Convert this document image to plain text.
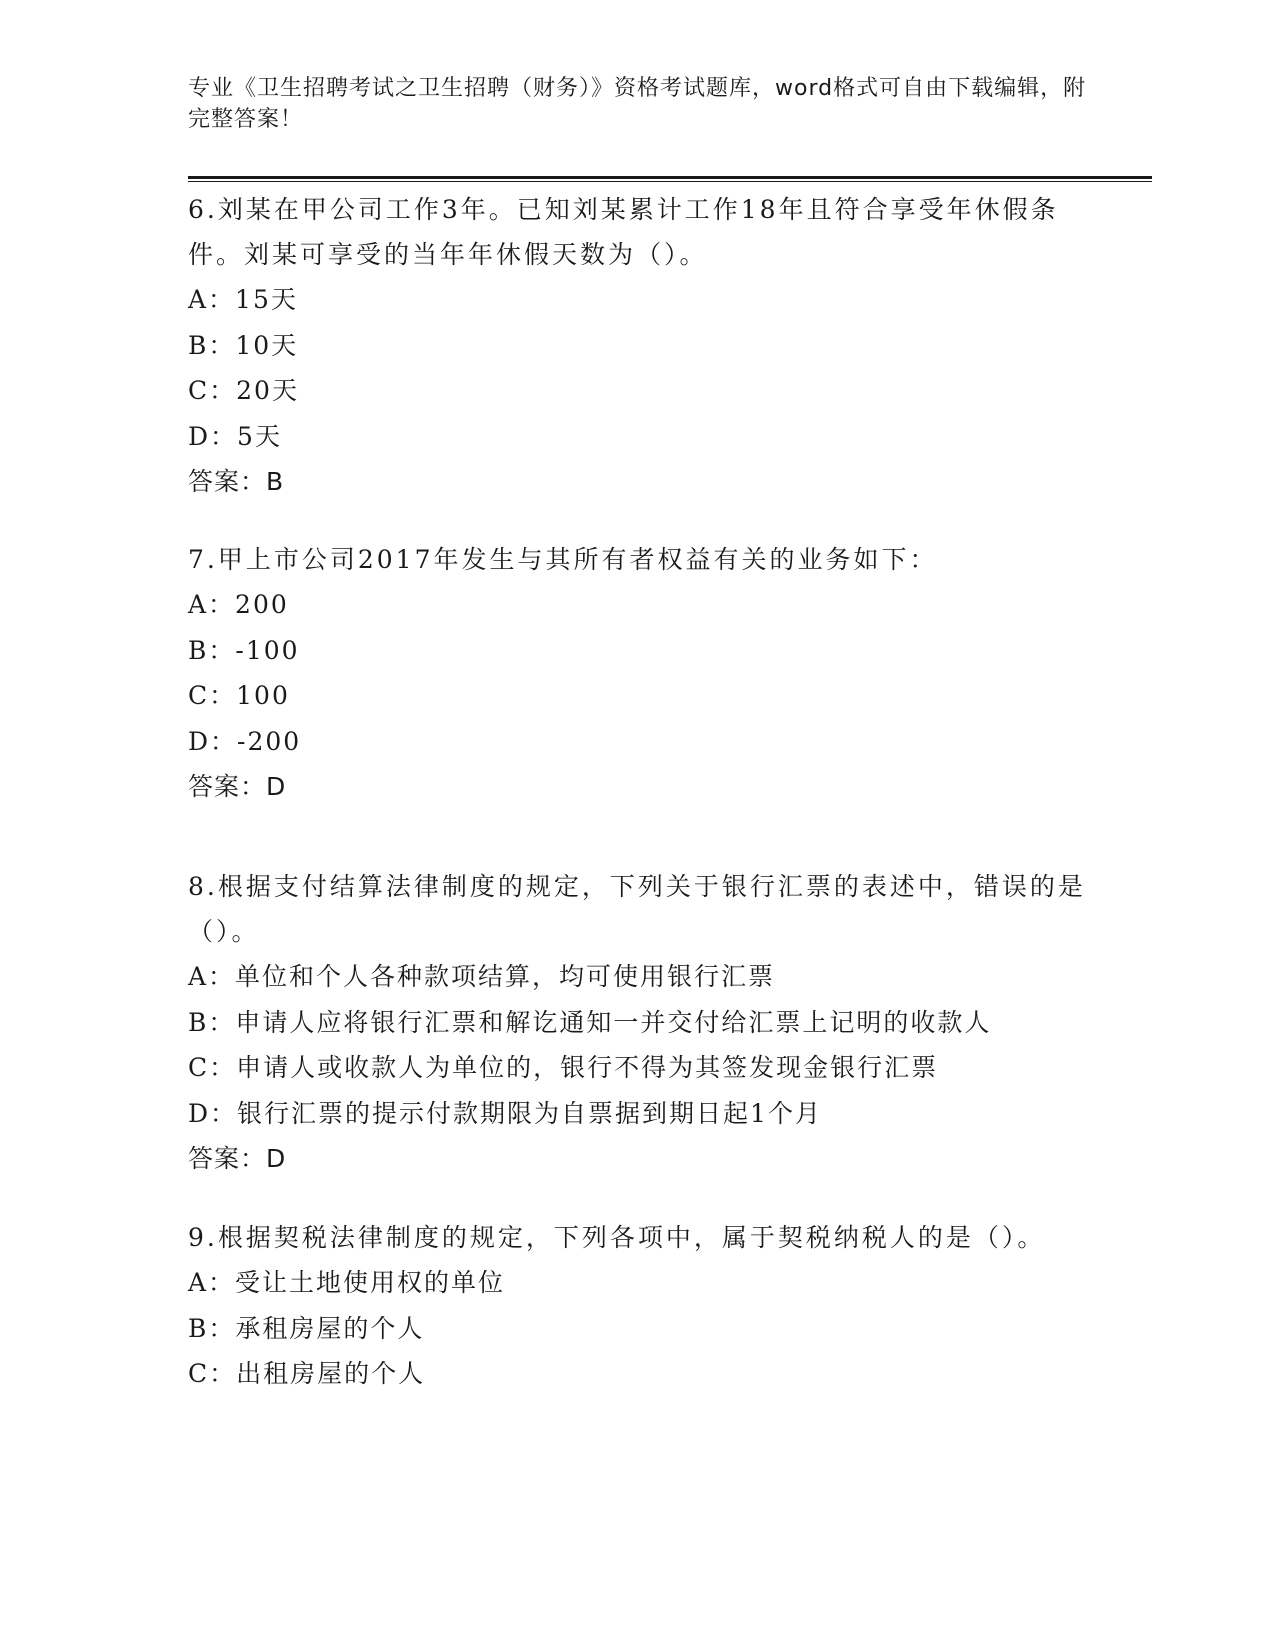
专业《卫生招聘考试之卫生招聘（财务）》资格考试题库，word格式可自由下载编辑，附完整答案！

6.刘某在甲公司工作3年。已知刘某累计工作18年且符合享受年休假条件。刘某可享受的当年年休假天数为（）。

A：15天

B：10天

C：20天

D：5天

答案：B

7.甲上市公司2017年发生与其所有者权益有关的业务如下：

A：200

B：-100

C：100

D：-200

答案：D

8.根据支付结算法律制度的规定，下列关于银行汇票的表述中，错误的是（）。

A：单位和个人各种款项结算，均可使用银行汇票

B：申请人应将银行汇票和解讫通知一并交付给汇票上记明的收款人

C：申请人或收款人为单位的，银行不得为其签发现金银行汇票

D：银行汇票的提示付款期限为自票据到期日起1个月

答案：D

9.根据契税法律制度的规定，下列各项中，属于契税纳税人的是（）。

A：受让土地使用权的单位

B：承租房屋的个人

C：出租房屋的个人
